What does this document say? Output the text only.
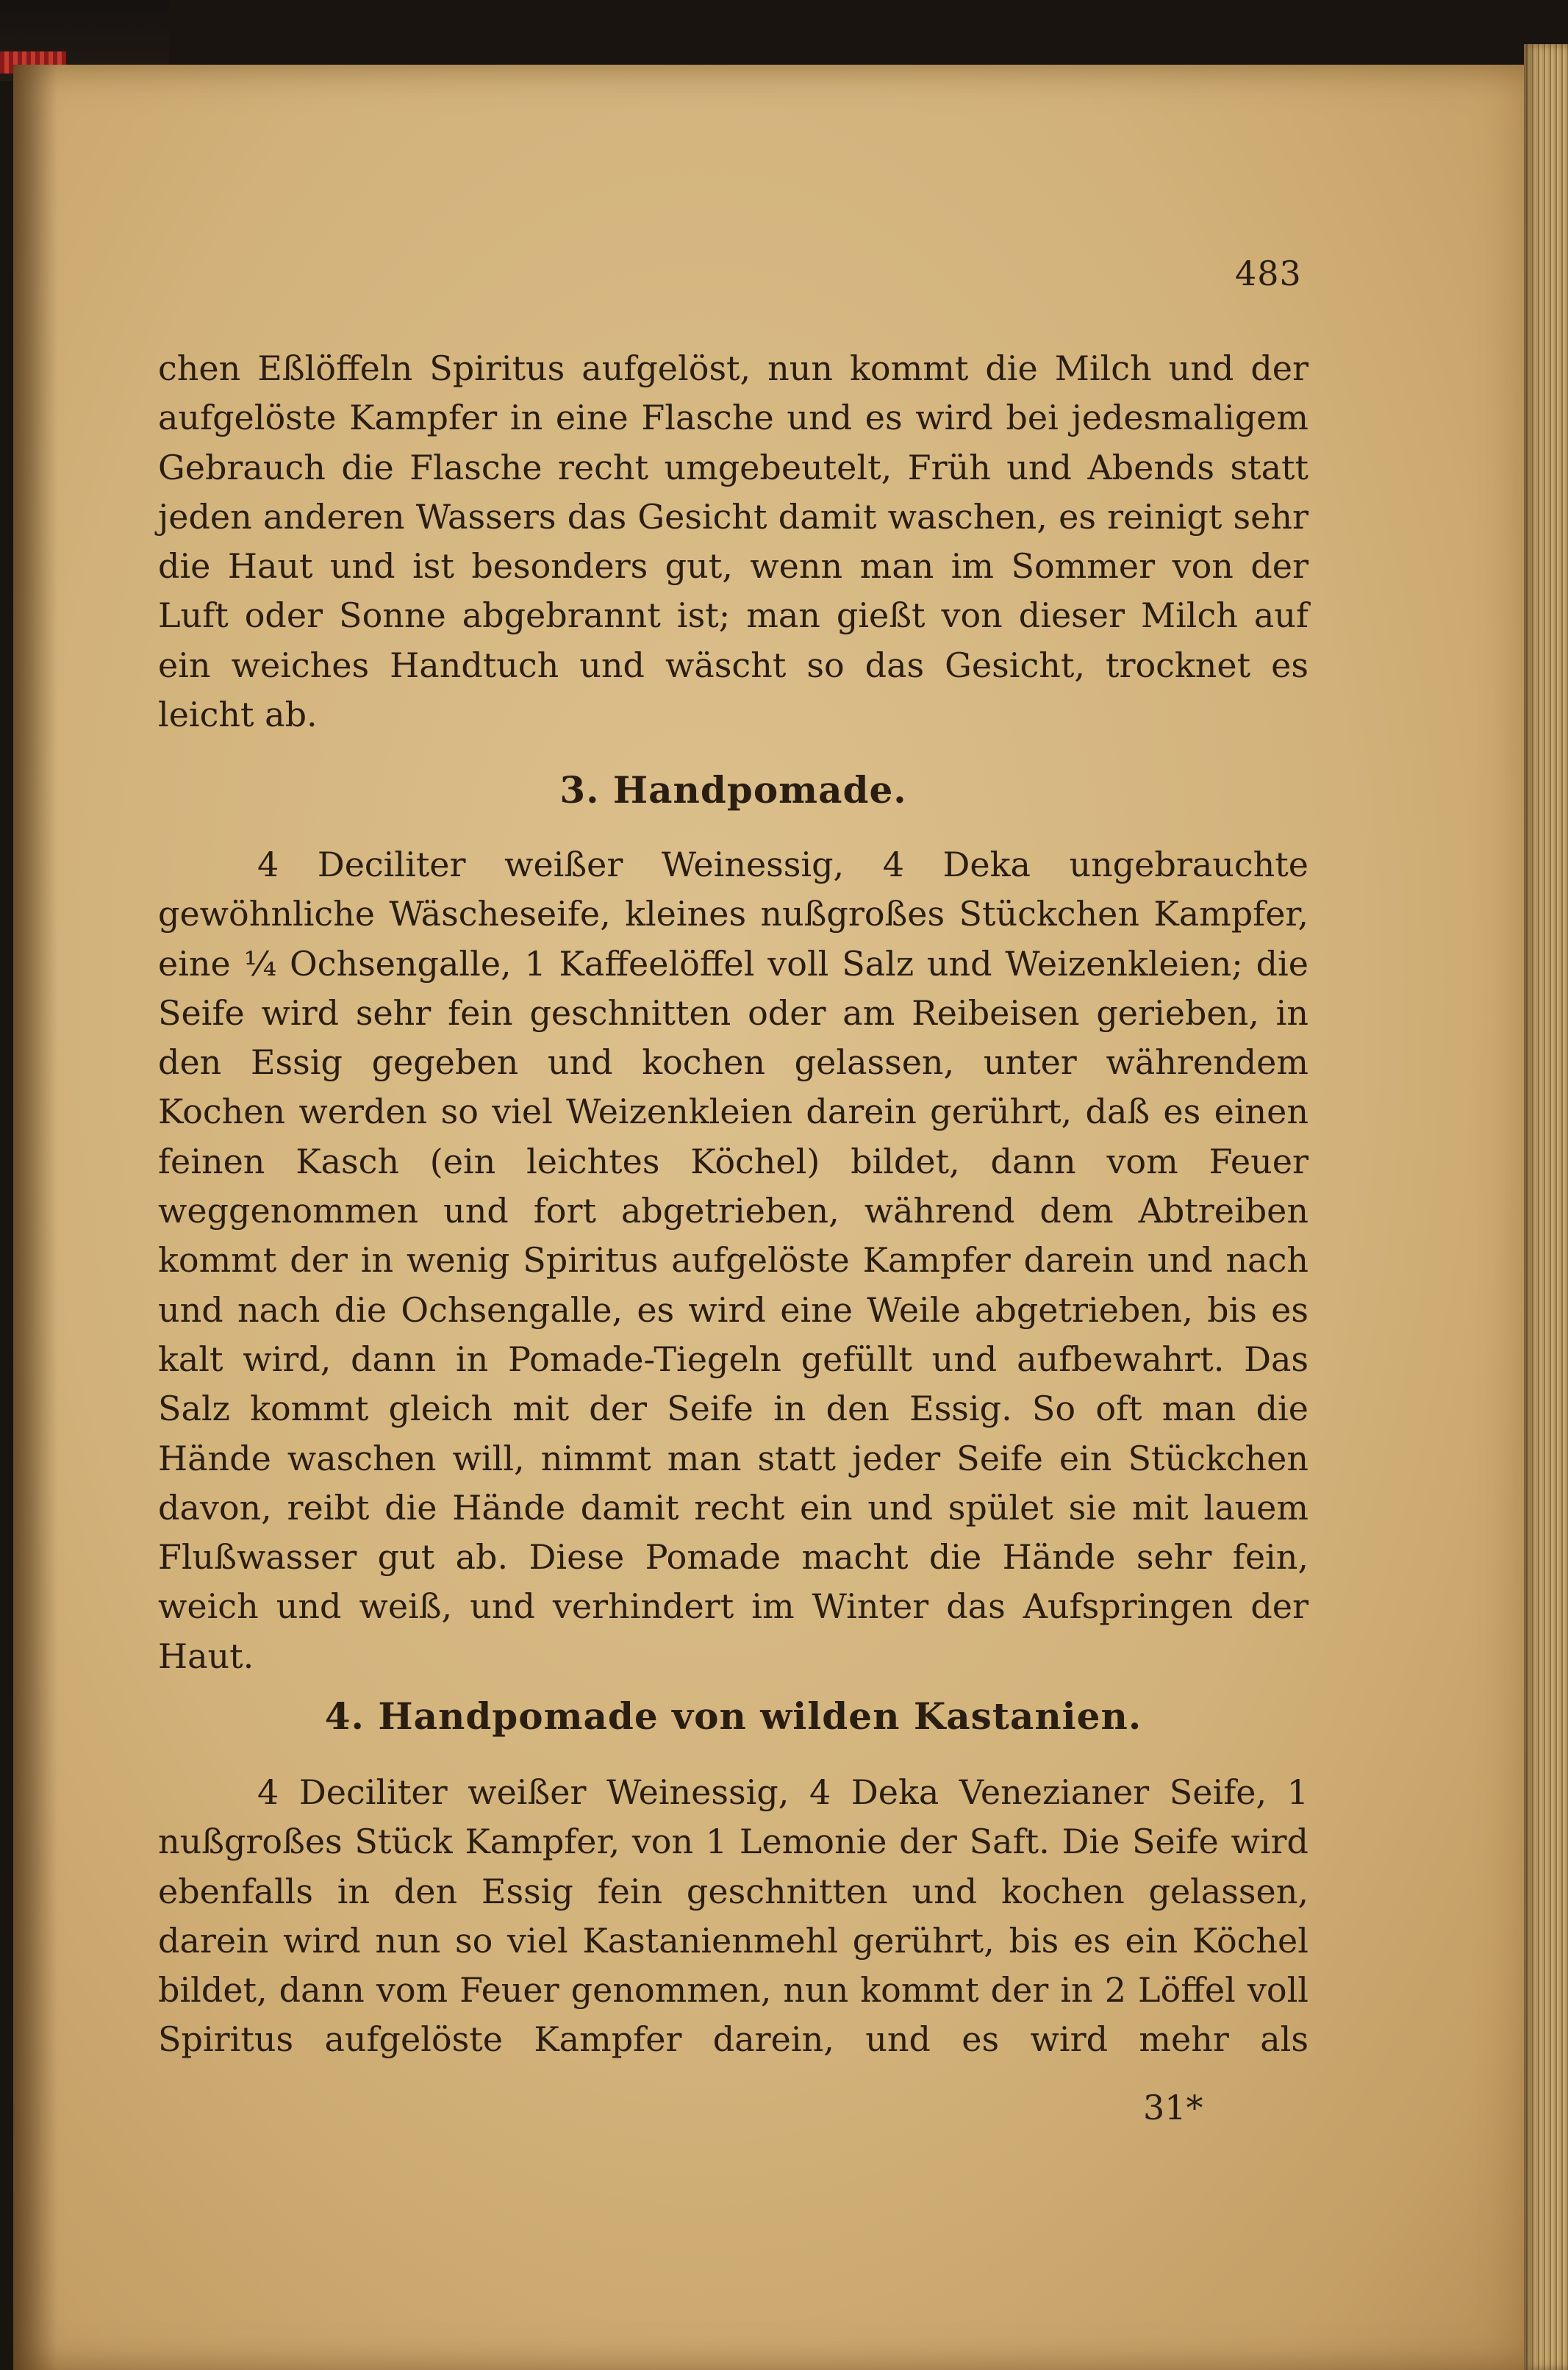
483

chen Eßlöffeln Spiritus aufgelöst, nun kommt die Milch und der aufgelöste Kampfer in eine Flasche und es wird bei jedesmaligem Gebrauch die Flasche recht umgebeutelt, Früh und Abends statt jeden anderen Wassers das Gesicht damit waschen, es reinigt sehr die Haut und ist besonders gut, wenn man im Sommer von der Luft oder Sonne abgebrannt ist; man gießt von dieser Milch auf ein weiches Handtuch und wäscht so das Gesicht, trocknet es leicht ab.

3. Handpomade.

4 Deciliter weißer Weinessig, 4 Deka ungebrauchte gewöhnliche Wäscheseife, kleines nußgroßes Stückchen Kampfer, eine ¼ Ochsengalle, 1 Kaffeelöffel voll Salz und Weizenkleien; die Seife wird sehr fein geschnitten oder am Reibeisen gerieben, in den Essig gegeben und kochen gelassen, unter währendem Kochen werden so viel Weizenkleien darein gerührt, daß es einen feinen Kasch (ein leichtes Köchel) bildet, dann vom Feuer weggenommen und fort abgetrieben, während dem Abtreiben kommt der in wenig Spiritus aufgelöste Kampfer darein und nach und nach die Ochsengalle, es wird eine Weile abgetrieben, bis es kalt wird, dann in Pomade-Tiegeln gefüllt und aufbewahrt. Das Salz kommt gleich mit der Seife in den Essig. So oft man die Hände waschen will, nimmt man statt jeder Seife ein Stückchen davon, reibt die Hände damit recht ein und spület sie mit lauem Flußwasser gut ab. Diese Pomade macht die Hände sehr fein, weich und weiß, und verhindert im Winter das Aufspringen der Haut.

4. Handpomade von wilden Kastanien.

4 Deciliter weißer Weinessig, 4 Deka Venezianer Seife, 1 nußgroßes Stück Kampfer, von 1 Lemonie der Saft. Die Seife wird ebenfalls in den Essig fein geschnitten und kochen gelassen, darein wird nun so viel Kastanienmehl gerührt, bis es ein Köchel bildet, dann vom Feuer genommen, nun kommt der in 2 Löffel voll Spiritus aufgelöste Kampfer darein, und es wird mehr als

31*
